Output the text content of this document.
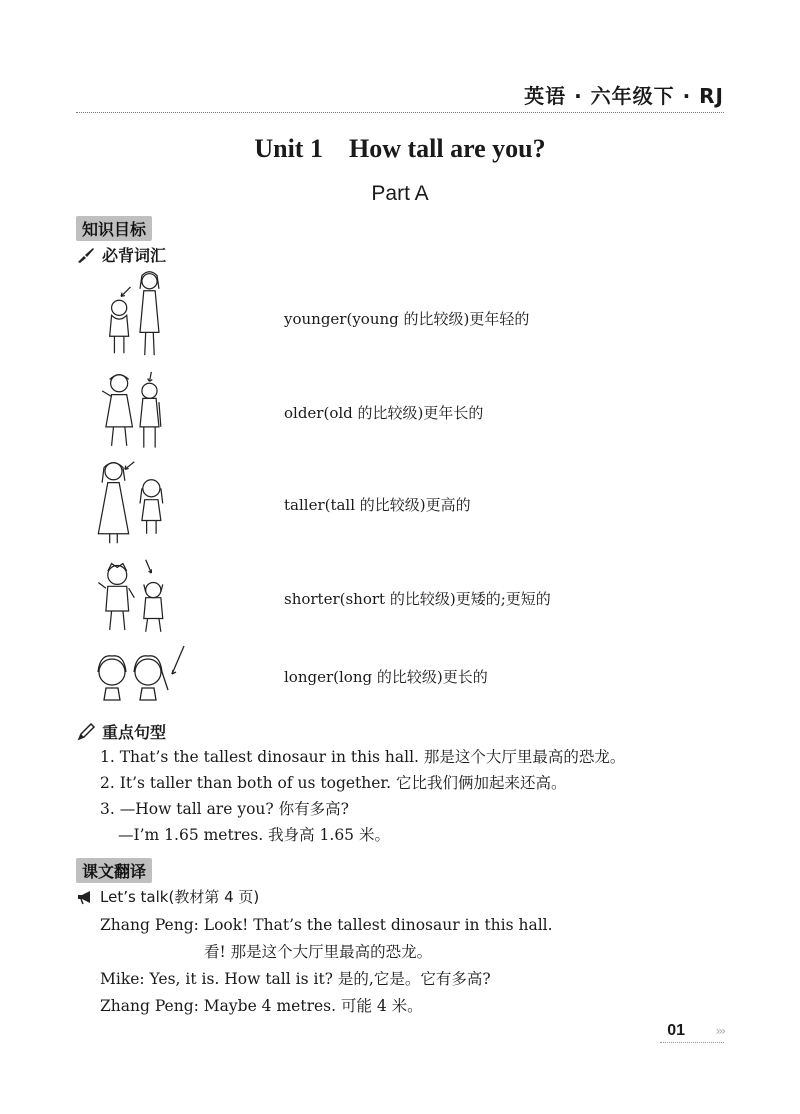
英语 · 六年级下 · RJ
Unit 1 How tall are you?
Part A
知识目标
必背词汇
younger(young 的比较级)更年轻的
older(old 的比较级)更年长的
taller(tall 的比较级)更高的
shorter(short 的比较级)更矮的;更短的
longer(long 的比较级)更长的
重点句型
1. That’s the tallest dinosaur in this hall. 那是这个大厅里最高的恐龙。
2. It’s taller than both of us together. 它比我们俩加起来还高。
3. —How tall are you? 你有多高?
—I’m 1.65 metres. 我身高 1.65 米。
课文翻译
Let’s talk(教材第 4 页)
Zhang Peng: Look! That’s the tallest dinosaur in this hall.
看! 那是这个大厅里最高的恐龙。
Mike: Yes, it is. How tall is it? 是的,它是。它有多高?
Zhang Peng: Maybe 4 metres. 可能 4 米。
01	›››
